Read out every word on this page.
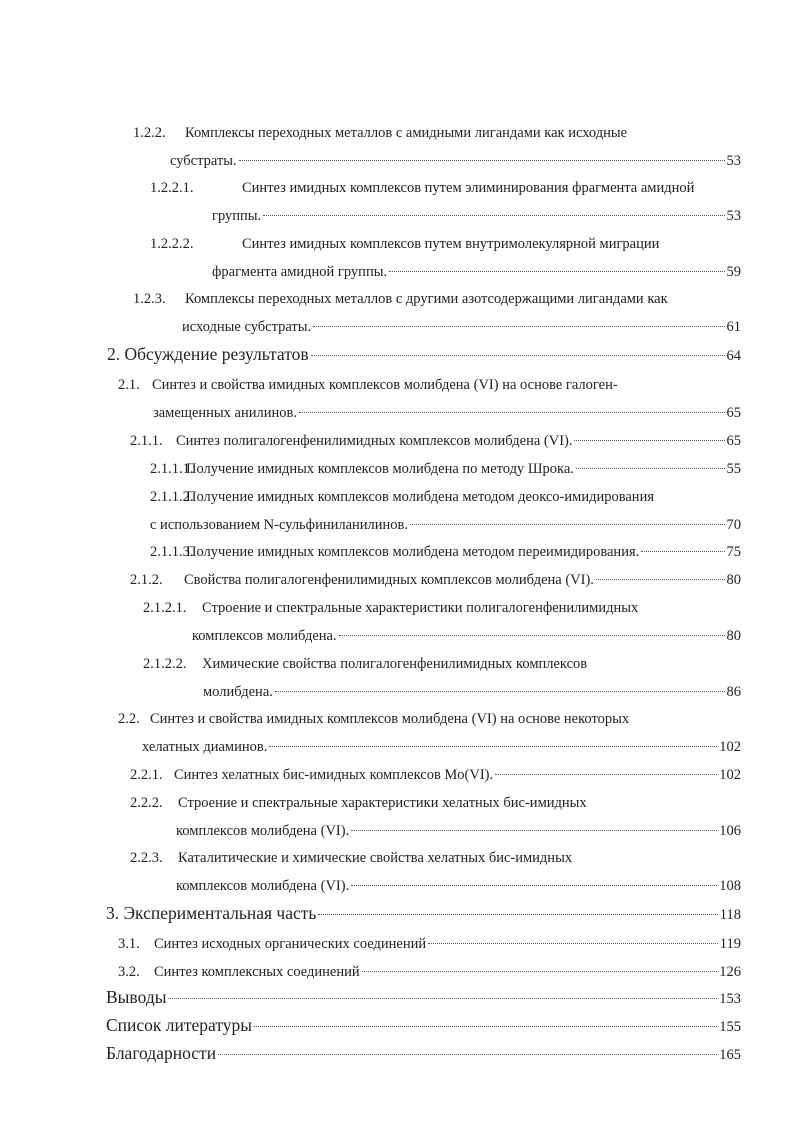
1.2.2. Комплексы переходных металлов с амидными лигандами как исходные
субстраты.	53
1.2.2.1.	Синтез имидных комплексов путем элиминирования фрагмента амидной
группы.	53
1.2.2.2.	Синтез имидных комплексов путем внутримолекулярной миграции
фрагмента амидной группы.	59
1.2.3. Комплексы переходных металлов с другими азотсодержащими лигандами как
исходные субстраты.	61
2. Обсуждение результатов	64
2.1. Синтез и свойства имидных комплексов молибдена (VI) на основе галоген-
замещенных анилинов.	65
2.1.1. Синтез полигалогенфенилимидных комплексов молибдена (VI).	65
2.1.1.1.
Получение имидных комплексов молибдена по методу Шрока.	55
2.1.1.2.
Получение имидных комплексов молибдена методом деоксо-имидирования
с использованием N-сульфиниланилинов.	70
2.1.1.3.
Получение имидных комплексов молибдена методом переимидирования.	75
2.1.2. Свойства полигалогенфенилимидных комплексов молибдена (VI).	80
2.1.2.1. Строение и спектральные характеристики полигалогенфенилимидных
комплексов молибдена.	80
2.1.2.2. Химические свойства полигалогенфенилимидных комплексов
молибдена.	86
2.2. Синтез и свойства имидных комплексов молибдена (VI) на основе некоторых
хелатных диаминов.	102
2.2.1. Синтез хелатных бис-имидных комплексов Mo(VI).	102
2.2.2. Строение и спектральные характеристики хелатных бис-имидных
комплексов молибдена (VI).	106
2.2.3. Каталитические и химические свойства хелатных бис-имидных
комплексов молибдена (VI).	108
3. Экспериментальная часть	118
3.1. Синтез исходных органических соединений	119
3.2. Синтез комплексных соединений	126
Выводы	153
Список литературы	155
Благодарности	165
